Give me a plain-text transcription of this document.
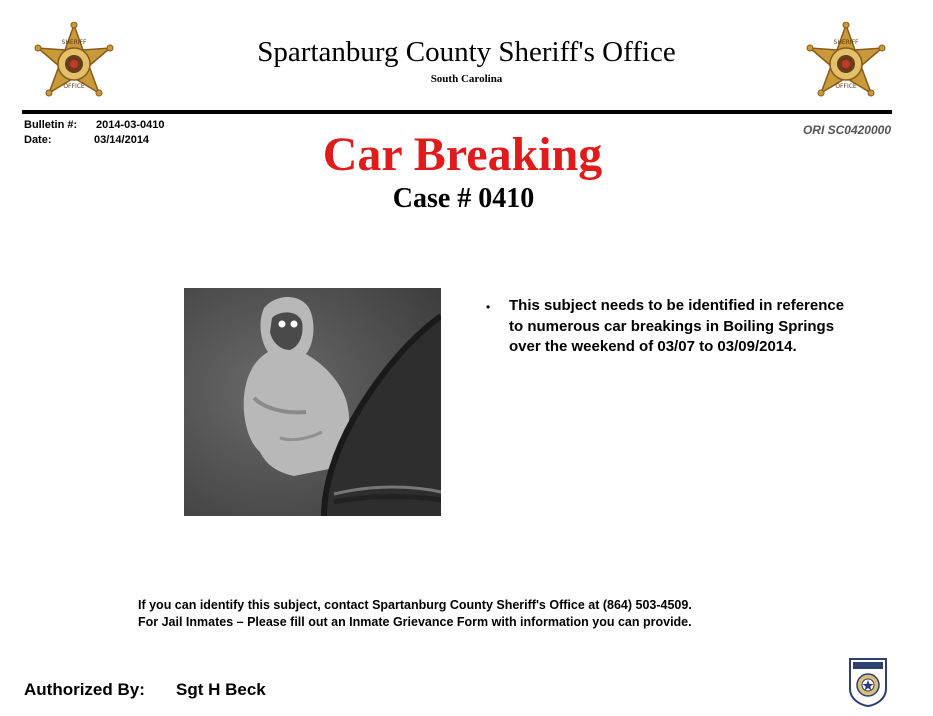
SHERIFF
OFFICE
SHERIFF
OFFICE
Spartanburg County Sheriff's Office
South Carolina
Bulletin #: 2014-03-0410
Date:	03/14/2014
ORI SC0420000
Car Breaking
Case # 0410
• This subject needs to be identified in reference to numerous car breakings in Boiling Springs over the weekend of 03/07 to 03/09/2014.
If you can identify this subject, contact Spartanburg County Sheriff's Office at (864) 503-4509.
For Jail Inmates – Please fill out an Inmate Grievance Form with information you can provide.
Authorized By: Sgt H Beck
